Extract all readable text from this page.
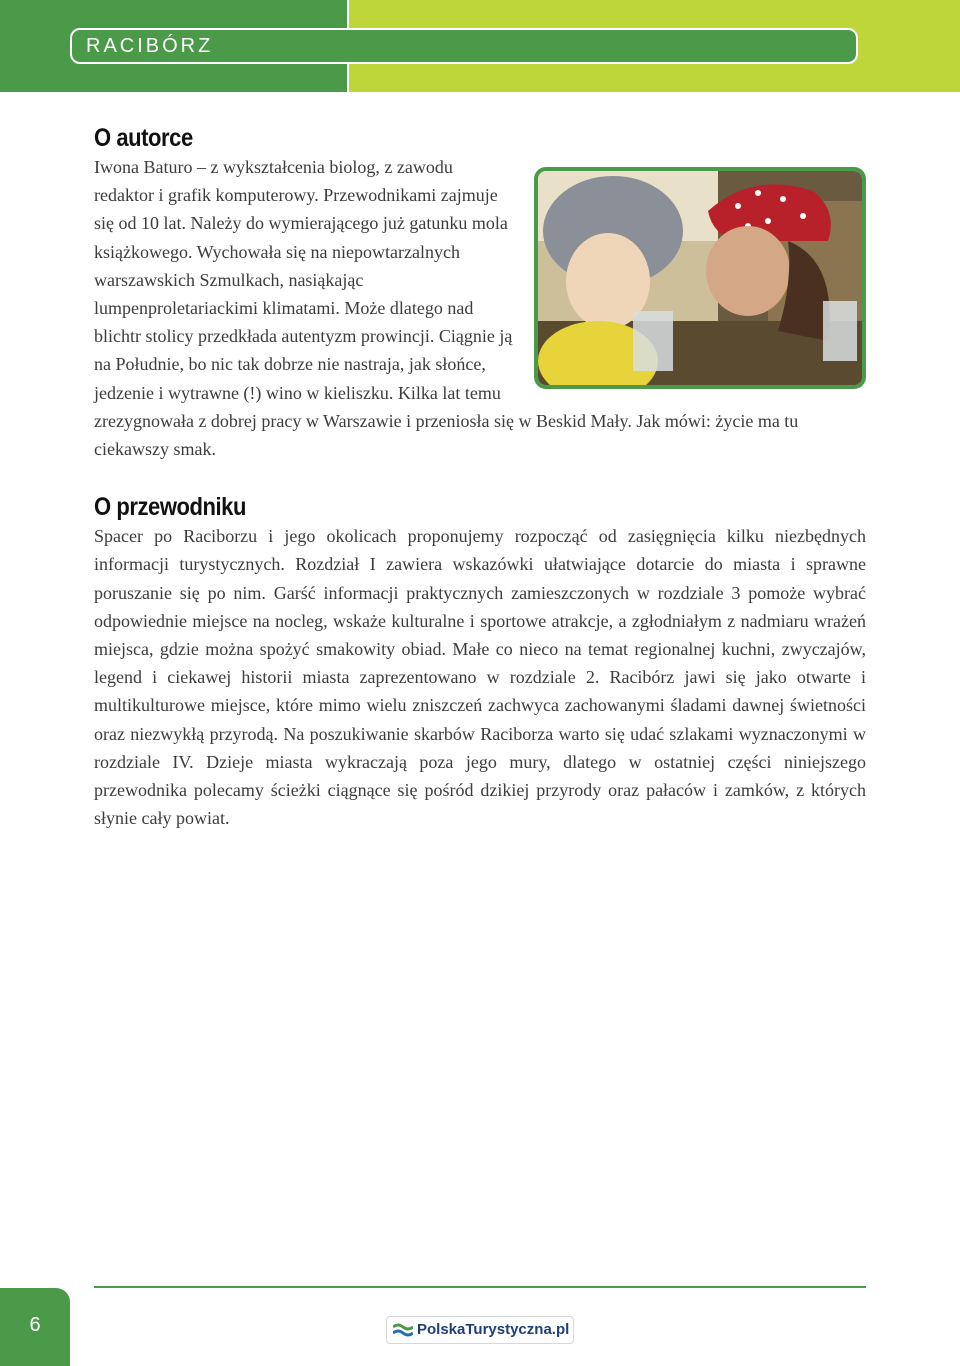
RACIBÓRZ
O autorce

Iwona Baturo – z wykształcenia biolog, z zawodu redaktor i grafik komputerowy. Przewodnikami zajmuje się od 10 lat. Należy do wymierającego już gatunku mola książkowego. Wychowała się na niepowtarzalnych warszawskich Szmulkach, nasiąkając lumpenproletariackimi klimatami. Może dlatego nad blichtr stolicy przedkłada autentyzm prowincji. Ciągnie ją na Południe, bo nic tak dobrze nie nastraja, jak słońce, jedzenie i wytrawne (!) wino w kieliszku. Kilka lat temu zrezygnowała z dobrej pracy w Warszawie i przeniosła się w Beskid Mały. Jak mówi: życie ma tu ciekawszy smak.

O przewodniku

Spacer po Raciborzu i jego okolicach proponujemy rozpocząć od zasięgnięcia kilku niezbędnych informacji turystycznych. Rozdział I zawiera wskazówki ułatwiające dotarcie do miasta i sprawne poruszanie się po nim. Garść informacji praktycznych zamieszczonych w rozdziale 3 pomoże wybrać odpowiednie miejsce na nocleg, wskaże kulturalne i sportowe atrakcje, a zgłodniałym z nadmiaru wrażeń miejsca, gdzie można spożyć smakowity obiad. Małe co nieco na temat regionalnej kuchni, zwyczajów, legend i ciekawej historii miasta zaprezentowano w rozdziale 2. Racibórz jawi się jako otwarte i multikulturowe miejsce, które mimo wielu zniszczeń zachwyca zachowanymi śladami dawnej świetności oraz niezwykłą przyrodą. Na poszukiwanie skarbów Raciborza warto się udać szlakami wyznaczonymi w rozdziale IV. Dzieje miasta wykraczają poza jego mury, dlatego w ostatniej części niniejszego przewodnika polecamy ścieżki ciągnące się pośród dzikiej przyrody oraz pałaców i zamków, z których słynie cały powiat.

6	PolskaTurystyczna.pl
